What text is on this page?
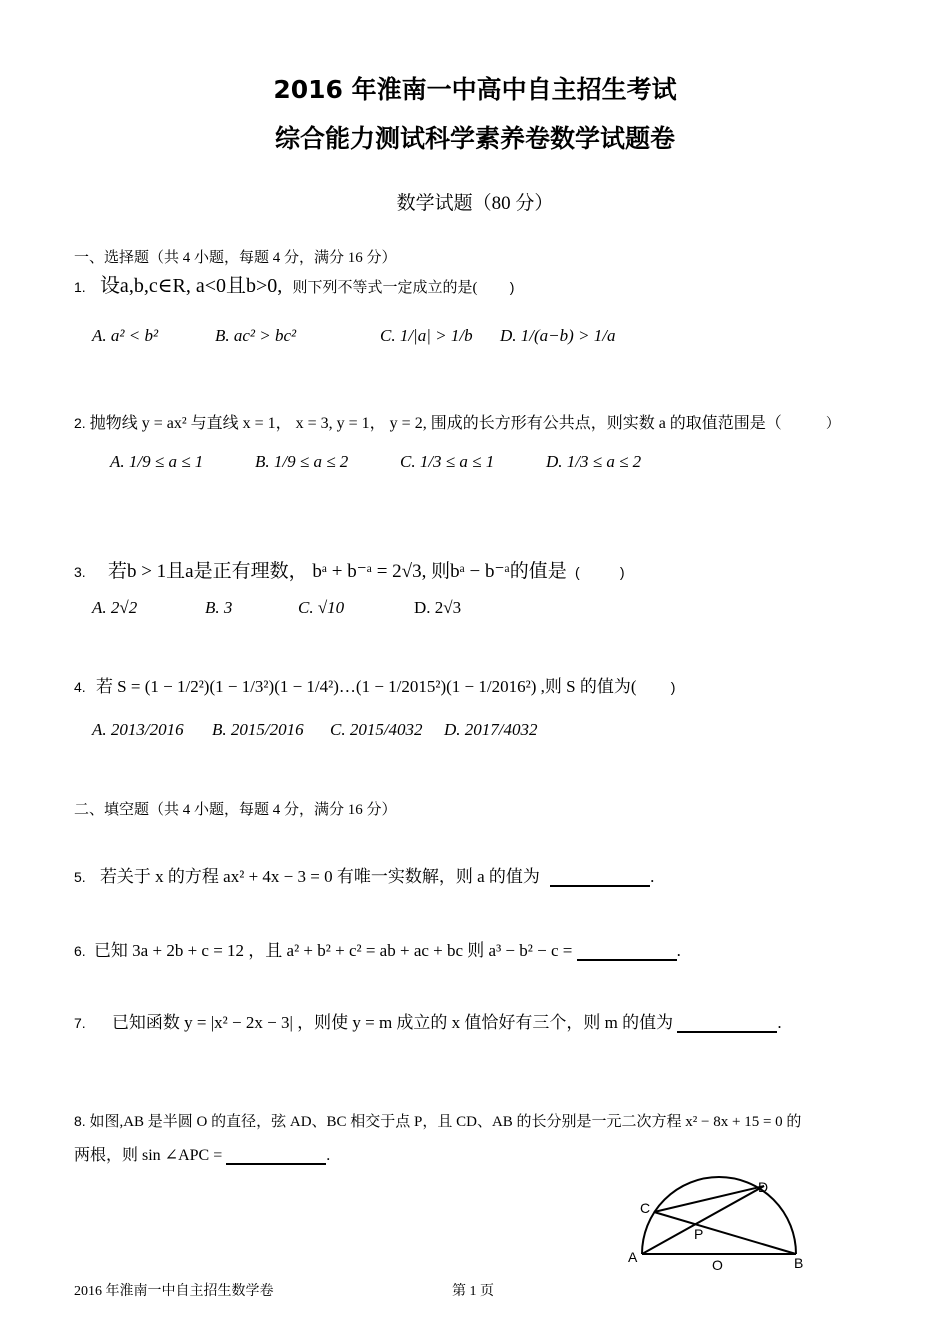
2016 年淮南一中高中自主招生考试
综合能力测试科学素养卷数学试题卷
数学试题（80 分）
一、选择题（共 4 小题，每题 4 分，满分 16 分）
1. 设a,b,c∈R, a<0且b>0, 则下列不等式一定成立的是( )
A. a² < b²	B. ac² > bc²	C. 1/|a| > 1/b D. 1/(a−b) > 1/a
2. 抛物线 y = ax² 与直线 x = 1， x = 3, y = 1， y = 2, 围成的长方形有公共点，则实数 a 的取值范围是（	）
A. 1/9 ≤ a ≤ 1	B. 1/9 ≤ a ≤ 2	C. 1/3 ≤ a ≤ 1	D. 1/3 ≤ a ≤ 2
3. 若b > 1且a是正有理数， bᵃ + b⁻ᵃ = 2√3, 则bᵃ − b⁻ᵃ的值是 (	)
A. 2√2	B. 3	C. √10	D. 2√3
4. 若 S = (1 − 1/2²)(1 − 1/3²)(1 − 1/4²)…(1 − 1/2015²)(1 − 1/2016²) ,则 S 的值为( )
A. 2013/2016 B. 2015/2016 C. 2015/4032 D. 2017/4032
二、填空题（共 4 小题，每题 4 分，满分 16 分）
5. 若关于 x 的方程 ax² + 4x − 3 = 0 有唯一实数解，则 a 的值为	.
6. 已知 3a + 2b + c = 12 ，且 a² + b² + c² = ab + ac + bc 则 a³ − b² − c =	.
7. 已知函数 y = |x² − 2x − 3| ，则使 y = m 成立的 x 值恰好有三个，则 m 的值为	.
8. 如图,AB 是半圆 O 的直径，弦 AD、BC 相交于点 P，且 CD、AB 的长分别是一元二次方程 x² − 8x + 15 = 0 的
两根，则 sin ∠APC =	.
C
D
P
A	B
O
2016 年淮南一中自主招生数学卷	第 1 页
